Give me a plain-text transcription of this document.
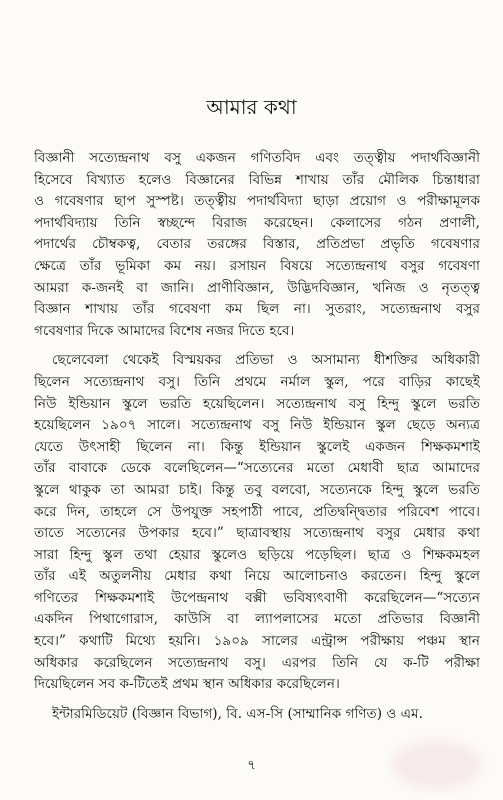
আমার কথা
বিজ্ঞানী সত্যেন্দ্রনাথ বসু একজন গণিতবিদ এবং তত্ত্বীয় পদার্থবিজ্ঞানী
হিসেবে বিখ্যাত হলেও বিজ্ঞানের বিভিন্ন শাখায় তাঁর মৌলিক চিন্তাধারা
ও গবেষণার ছাপ সুস্পষ্ট। তত্ত্বীয় পদার্থবিদ্যা ছাড়া প্রয়োগ ও পরীক্ষামূলক
পদার্থবিদ্যায় তিনি স্বচ্ছন্দে বিরাজ করেছেন। কেলাসের গঠন প্রণালী,
পদার্থের চৌম্বকত্ব, বেতার তরঙ্গের বিস্তার, প্রতিপ্রভা প্রভৃতি গবেষণার
ক্ষেত্রে তাঁর ভূমিকা কম নয়। রসায়ন বিষয়ে সত্যেন্দ্রনাথ বসুর গবেষণা
আমরা ক-জনই বা জানি। প্রাণীবিজ্ঞান, উদ্ভিদবিজ্ঞান, খনিজ ও নৃতত্ত্ব
বিজ্ঞান শাখায় তাঁর গবেষণা কম ছিল না। সুতরাং, সত্যেন্দ্রনাথ বসুর
গবেষণার দিকে আমাদের বিশেষ নজর দিতে হবে।
ছেলেবেলা থেকেই বিস্ময়কর প্রতিভা ও অসামান্য ধীশক্তির অধিকারী
ছিলেন সত্যেন্দ্রনাথ বসু। তিনি প্রথমে নর্মাল স্কুল, পরে বাড়ির কাছেই
নিউ ইন্ডিয়ান স্কুলে ভরতি হয়েছিলেন। সত্যেন্দ্রনাথ বসু হিন্দু স্কুলে ভরতি
হয়েছিলেন ১৯০৭ সালে। সত্যেন্দ্রনাথ বসু নিউ ইন্ডিয়ান স্কুল ছেড়ে অন্যত্র
যেতে উৎসাহী ছিলেন না। কিন্তু ইন্ডিয়ান স্কুলেই একজন শিক্ষকমশাই
তাঁর বাবাকে ডেকে বলেছিলেন—“সত্যেনের মতো মেধাবী ছাত্র আমাদের
স্কুলে থাকুক তা আমরা চাই। কিন্তু তবু বলবো, সত্যেনকে হিন্দু স্কুলে ভরতি
করে দিন, তাহলে সে উপযুক্ত সহপাঠী পাবে, প্রতিদ্বন্দ্বিতার পরিবেশ পাবে।
তাতে সত্যেনের উপকার হবে।” ছাত্রাবস্থায় সত্যেন্দ্রনাথ বসুর মেধার কথা
সারা হিন্দু স্কুল তথা হেয়ার স্কুলেও ছড়িয়ে পড়েছিল। ছাত্র ও শিক্ষকমহল
তাঁর এই অতুলনীয় মেধার কথা নিয়ে আলোচনাও করতেন। হিন্দু স্কুলে
গণিতের শিক্ষকমশাই উপেন্দ্রনাথ বক্সী ভবিষ্যৎবাণী করেছিলেন—“সত্যেন
একদিন পিথাগোরাস, কাউসি বা ল্যাপলাসের মতো প্রতিভার বিজ্ঞানী
হবে।” কথাটি মিথ্যে হয়নি। ১৯০৯ সালের এন্ট্রান্স পরীক্ষায় পঞ্চম স্থান
অধিকার করেছিলেন সত্যেন্দ্রনাথ বসু। এরপর তিনি যে ক-টি পরীক্ষা
দিয়েছিলেন সব ক-টিতেই প্রথম স্থান অধিকার করেছিলেন।
ইন্টারমিডিয়েট (বিজ্ঞান বিভাগ), বি. এস-সি (সাম্মানিক গণিত) ও এম.
৭
